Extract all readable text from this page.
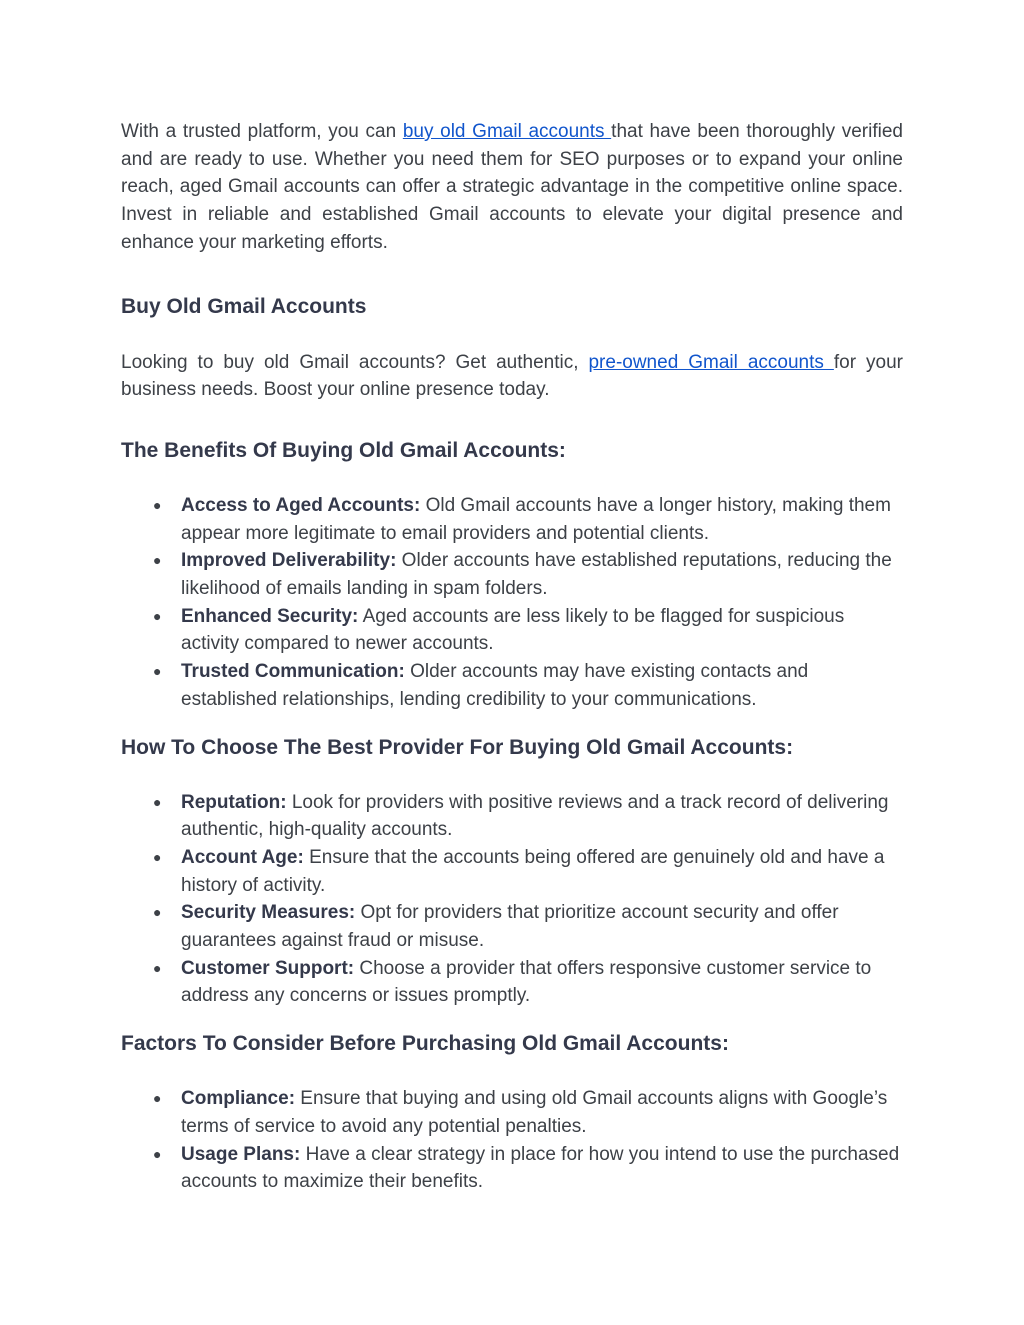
With a trusted platform, you can buy old Gmail accounts that have been thoroughly verified and are ready to use. Whether you need them for SEO purposes or to expand your online reach, aged Gmail accounts can offer a strategic advantage in the competitive online space. Invest in reliable and established Gmail accounts to elevate your digital presence and enhance your marketing efforts.

Buy Old Gmail Accounts

Looking to buy old Gmail accounts? Get authentic, pre-owned Gmail accounts for your business needs. Boost your online presence today.

The Benefits Of Buying Old Gmail Accounts:
● Access to Aged Accounts: Old Gmail accounts have a longer history, making them appear more legitimate to email providers and potential clients.
● Improved Deliverability: Older accounts have established reputations, reducing the likelihood of emails landing in spam folders.
● Enhanced Security: Aged accounts are less likely to be flagged for suspicious activity compared to newer accounts.
● Trusted Communication: Older accounts may have existing contacts and established relationships, lending credibility to your communications.
How To Choose The Best Provider For Buying Old Gmail Accounts:
● Reputation: Look for providers with positive reviews and a track record of delivering authentic, high-quality accounts.
● Account Age: Ensure that the accounts being offered are genuinely old and have a history of activity.
● Security Measures: Opt for providers that prioritize account security and offer guarantees against fraud or misuse.
● Customer Support: Choose a provider that offers responsive customer service to address any concerns or issues promptly.
Factors To Consider Before Purchasing Old Gmail Accounts:
● Compliance: Ensure that buying and using old Gmail accounts aligns with Google’s terms of service to avoid any potential penalties.
● Usage Plans: Have a clear strategy in place for how you intend to use the purchased accounts to maximize their benefits.
